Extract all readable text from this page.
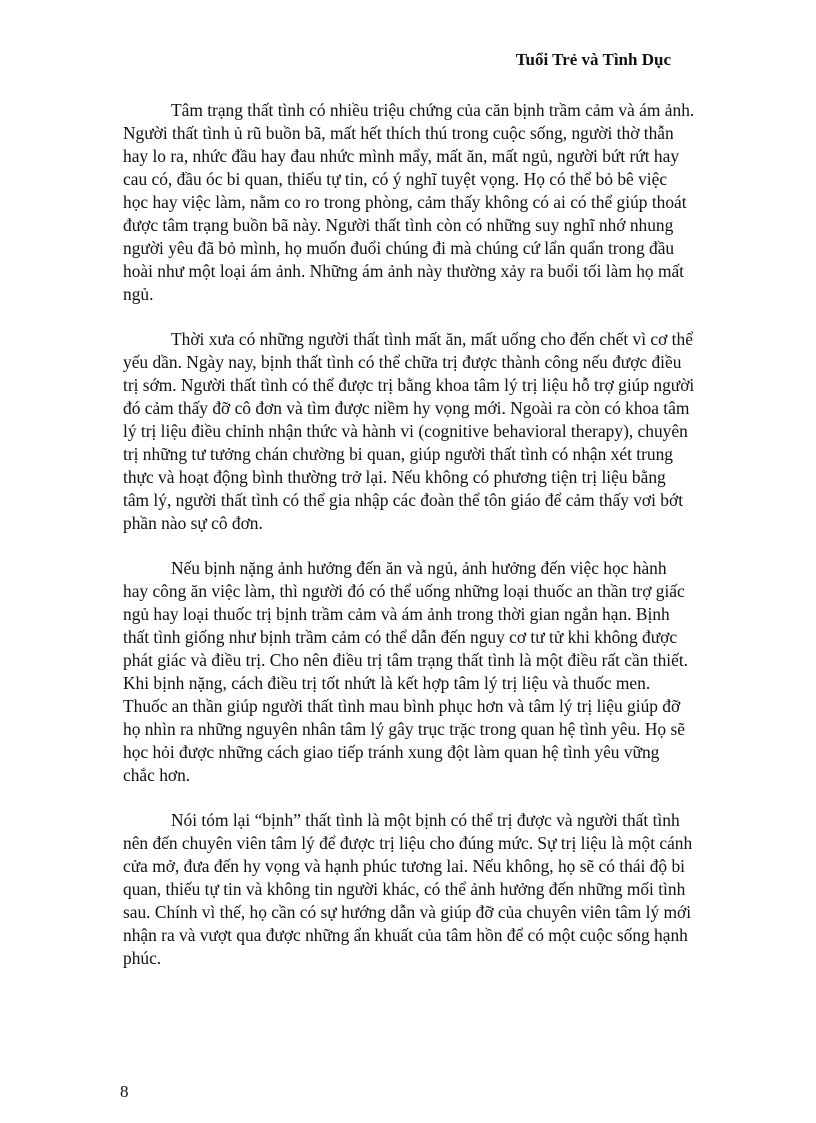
Tuổi Trẻ và Tình Dục

Tâm trạng thất tình có nhiều triệu chứng của căn bịnh trầm cảm và ám ảnh. Người thất tình ủ rũ buồn bã, mất hết thích thú trong cuộc sống, người thờ thẫn hay lo ra, nhức đầu hay đau nhức mình mẩy, mất ăn, mất ngủ, người bứt rứt hay cau có, đầu óc bi quan, thiếu tự tin, có ý nghĩ tuyệt vọng. Họ có thể bỏ bê việc học hay việc làm, nằm co ro trong phòng, cảm thấy không có ai có thể giúp thoát được tâm trạng buồn bã này. Người thất tình còn có những suy nghĩ nhớ nhung người yêu đã bỏ mình, họ muốn đuổi chúng đi mà chúng cứ lẩn quẩn trong đầu hoài như một loại ám ảnh. Những ám ảnh này thường xảy ra buổi tối làm họ mất ngủ.

Thời xưa có những người thất tình mất ăn, mất uống cho đến chết vì cơ thể yếu dần. Ngày nay, bịnh thất tình có thể chữa trị được thành công nếu được điều trị sớm. Người thất tình có thể được trị bằng khoa tâm lý trị liệu hỗ trợ giúp người đó cảm thấy đỡ cô đơn và tìm được niềm hy vọng mới. Ngoài ra còn có khoa tâm lý trị liệu điều chỉnh nhận thức và hành vi (cognitive behavioral therapy), chuyên trị những tư tưởng chán chường bi quan, giúp người thất tình có nhận xét trung thực và hoạt động bình thường trở lại. Nếu không có phương tiện trị liệu bằng tâm lý, người thất tình có thể gia nhập các đoàn thể tôn giáo để cảm thấy vơi bớt phần nào sự cô đơn.

Nếu bịnh nặng ảnh hưởng đến ăn và ngủ, ảnh hưởng đến việc học hành hay công ăn việc làm, thì người đó có thể uống những loại thuốc an thần trợ giấc ngủ hay loại thuốc trị bịnh trầm cảm và ám ảnh trong thời gian ngắn hạn. Bịnh thất tình giống như bịnh trầm cảm có thể dẫn đến nguy cơ tư tử khi không được phát giác và điều trị. Cho nên điều trị tâm trạng thất tình là một điều rất cần thiết. Khi bịnh nặng, cách điều trị tốt nhứt là kết hợp tâm lý trị liệu và thuốc men. Thuốc an thần giúp người thất tình mau bình phục hơn và tâm lý trị liệu giúp đỡ họ nhìn ra những nguyên nhân tâm lý gây trục trặc trong quan hệ tình yêu. Họ sẽ học hỏi được những cách giao tiếp tránh xung đột làm quan hệ tình yêu vững chắc hơn.

Nói tóm lại “bịnh” thất tình là một bịnh có thể trị được và người thất tình nên đến chuyên viên tâm lý để được trị liệu cho đúng mức. Sự trị liệu là một cánh cửa mở, đưa đến hy vọng và hạnh phúc tương lai. Nếu không, họ sẽ có thái độ bi quan, thiếu tự tin và không tin người khác, có thể ảnh hưởng đến những mối tình sau. Chính vì thế, họ cần có sự hướng dẫn và giúp đỡ của chuyên viên tâm lý mới nhận ra và vượt qua được những ẩn khuất của tâm hồn để có một cuộc sống hạnh phúc.

8
